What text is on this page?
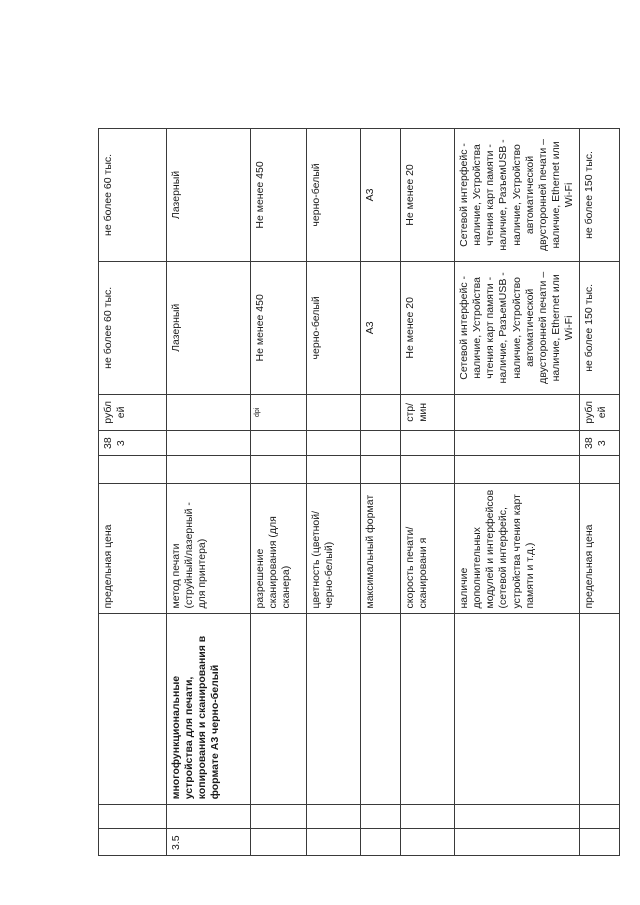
			предельная цена		383	рублей	не более 60 тыс.	не более 60 тыс.
3.5		многофункциональные устройства для печати, копирования и сканирования в формате А3 черно-белый	метод печати (струйный/лазерный - для принтера)				Лазерный	Лазерный
			разрешение сканирования (для сканера)			dpi	Не менее 450	Не менее 450
			цветность (цветной/черно-белый)				черно-белый	черно-белый
			максимальный формат				А3	А3
			скорость печати/сканировани я			стр/мин	Не менее 20	Не менее 20
			наличие дополнительных модулей и интерфейсов (сетевой интерфейс, устройства чтения карт памяти и т.д.)				Сетевой интерфейс - наличие, Устройства чтения карт памяти - наличие, РазъемUSB - наличие, Устройство автоматической двусторонней печати – наличие, Ethernet или Wi-Fi	Сетевой интерфейс - наличие, Устройства чтения карт памяти - наличие, РазъемUSB - наличие, Устройство автоматической двусторонней печати – наличие, Ethernet или Wi-Fi
			предельная цена		383	рублей	не более 150 тыс.	не более 150 тыс.
